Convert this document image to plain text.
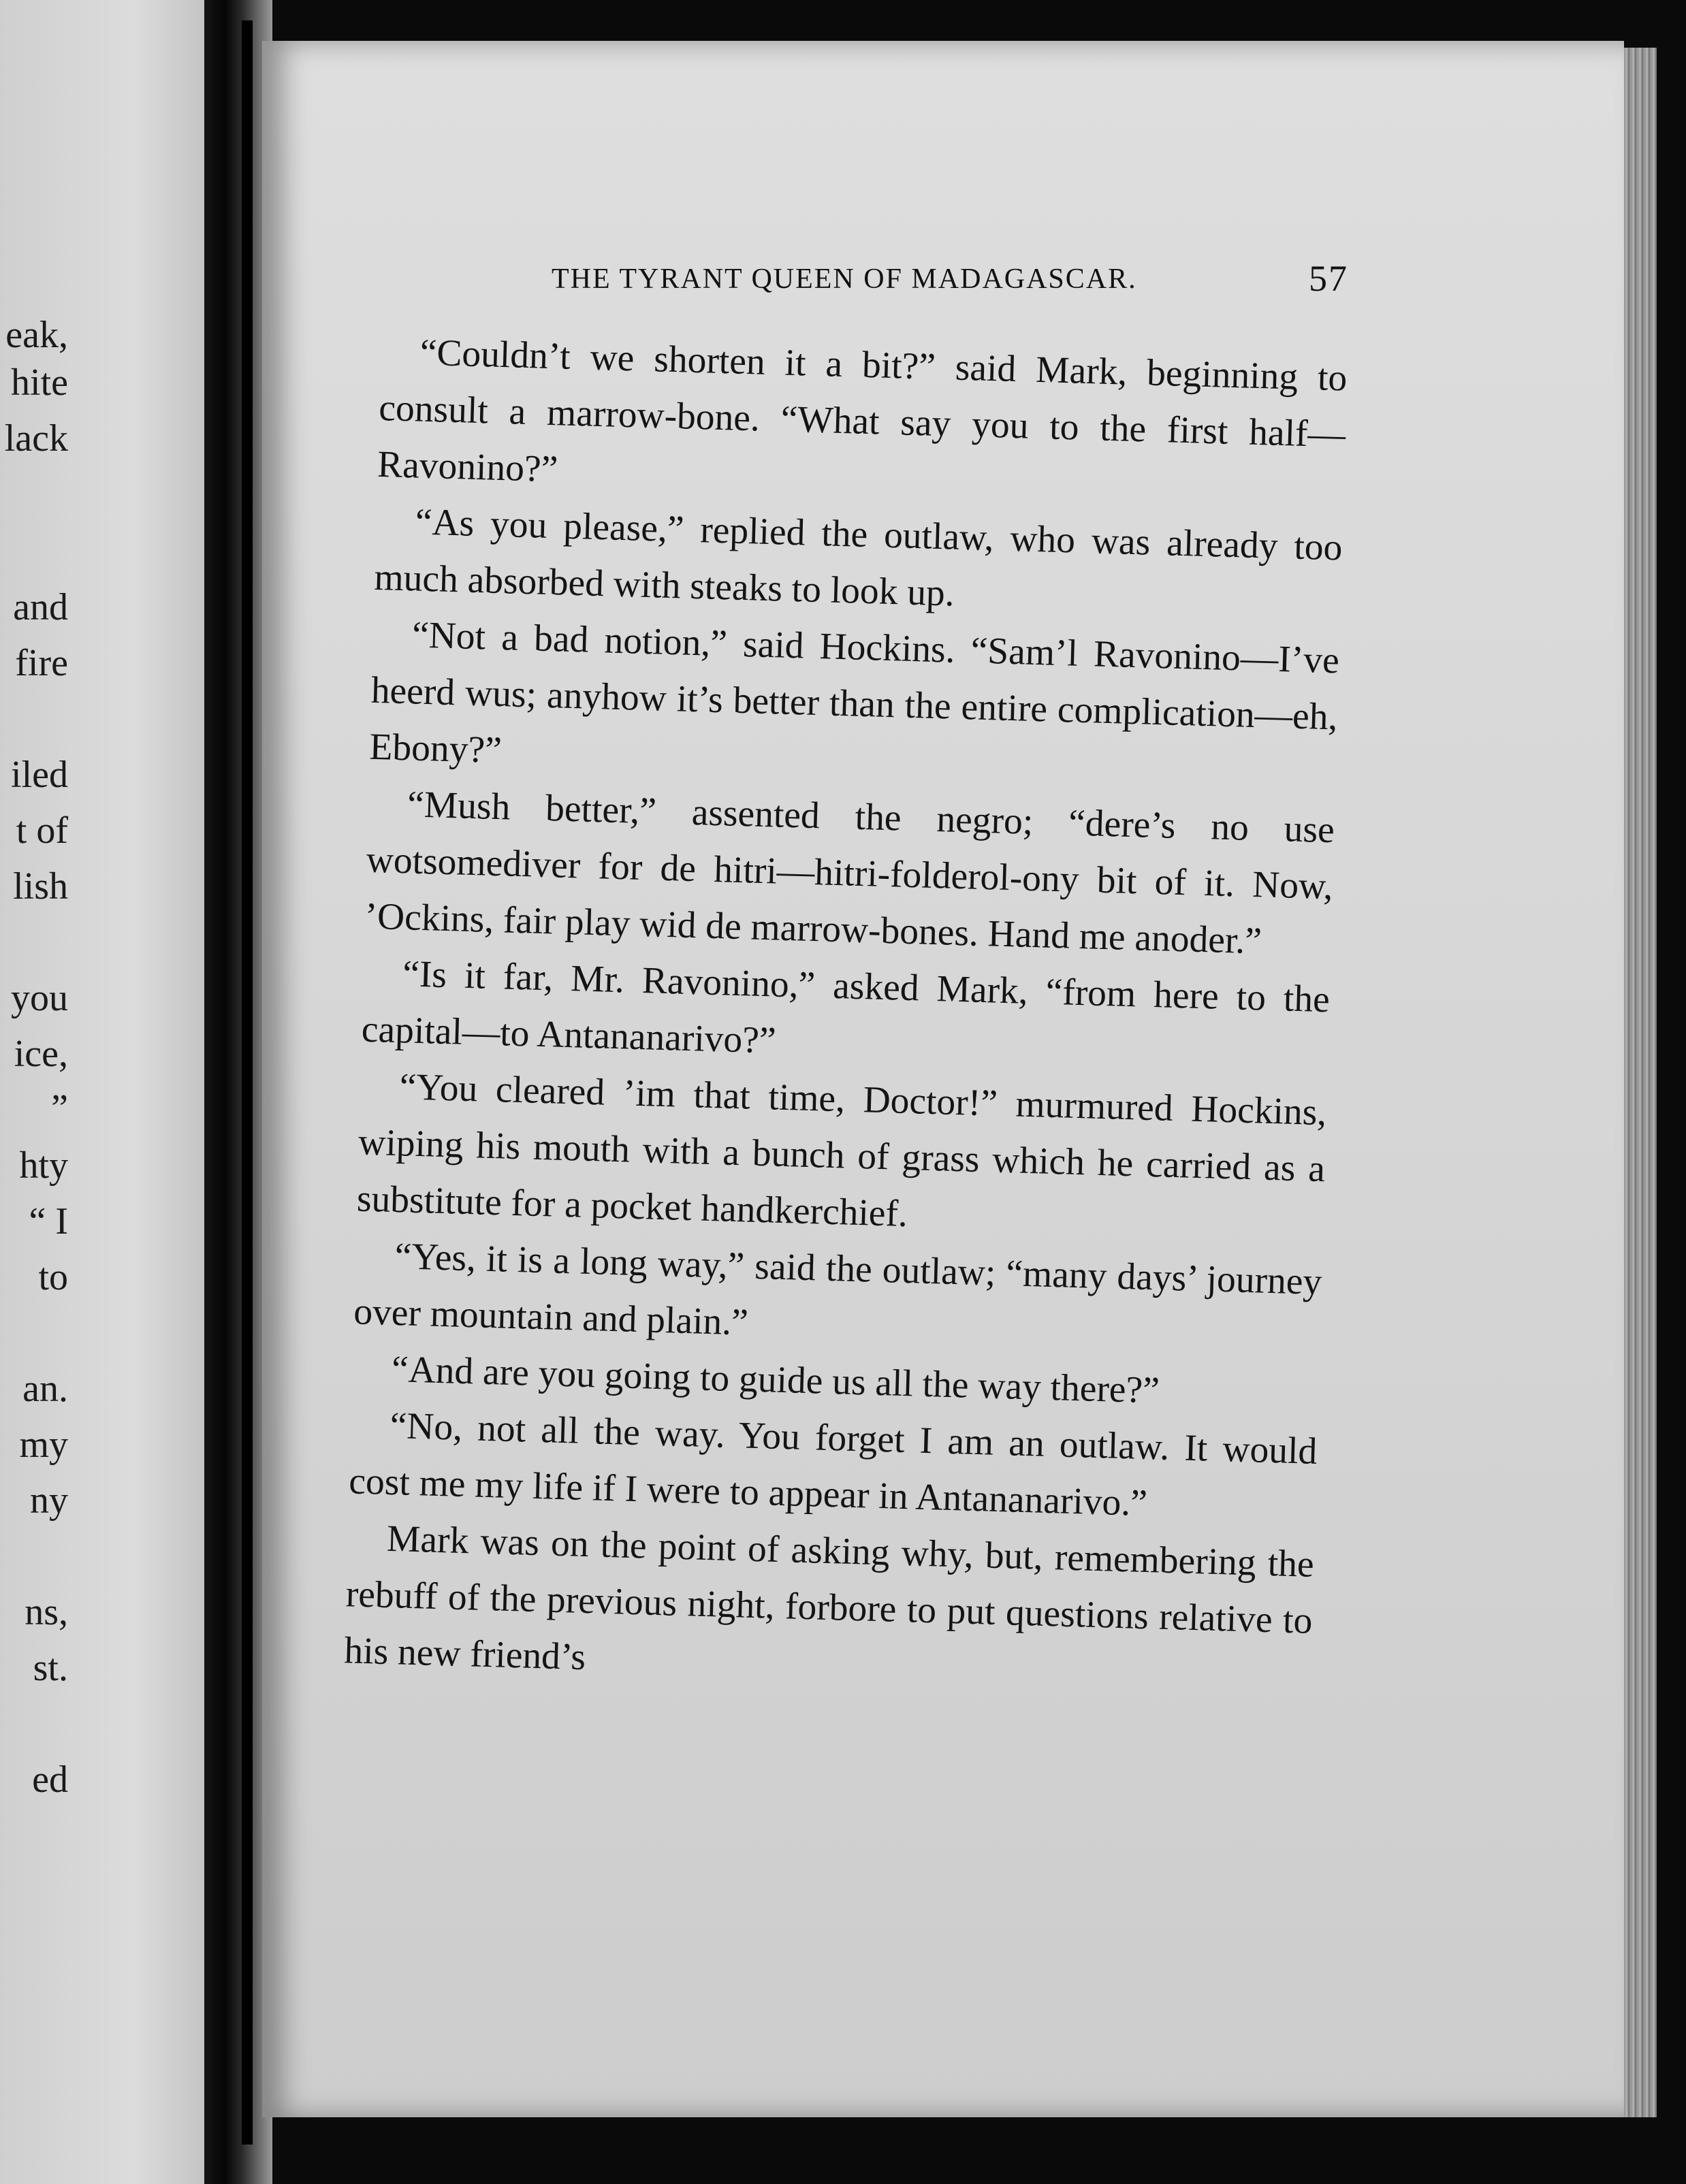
eak,
hite
lack
and
fire
iled
t of
lish
you
ice,
”
hty
“ I
to
an.
my
ny
ns,
st.
ed
THE TYRANT QUEEN OF MADAGASCAR.	57

“Couldn’t we shorten it a bit?” said Mark, beginning to consult a marrow-bone. “What say you to the first half—Ravonino?”

“As you please,” replied the outlaw, who was already too much absorbed with steaks to look up.

“Not a bad notion,” said Hockins. “Sam’l Ravonino—I’ve heerd wus; anyhow it’s better than the entire complication—eh, Ebony?”

“Mush better,” assented the negro; “dere’s no use wotsomediver for de hitri—hitri-folderol-ony bit of it. Now, ’Ockins, fair play wid de marrow-bones. Hand me anoder.”

“Is it far, Mr. Ravonino,” asked Mark, “from here to the capital—to Antananarivo?”

“You cleared ’im that time, Doctor!” murmured Hockins, wiping his mouth with a bunch of grass which he carried as a substitute for a pocket handkerchief.

“Yes, it is a long way,” said the outlaw; “many days’ journey over mountain and plain.”

“And are you going to guide us all the way there?”

“No, not all the way. You forget I am an outlaw. It would cost me my life if I were to appear in Antananarivo.”

Mark was on the point of asking why, but, remembering the rebuff of the previous night, forbore to put questions relative to his new friend’s
